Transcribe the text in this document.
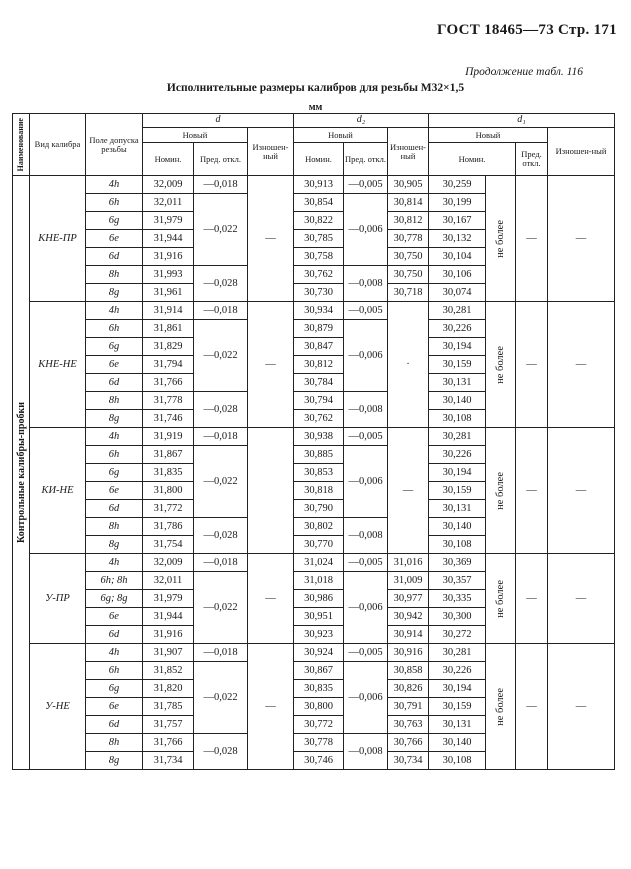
ГОСТ 18465—73 Стр. 171
Продолжение табл. 116
Исполнительные размеры калибров для резьбы М32×1,5
мм
Наименование	Вид калибра	Поле допуска резьбы	d			d₂			d₁			
			Новый		Изношен-ный	Новый		Изношен-ный	Новый			Изношен-ный
			Номин.	Пред. откл.		Номин.	Пред. откл.		Номин.		Пред. откл.	

Контрольные калибры-пробки	КНЕ-ПР	4h	32,009	—0,018	—	30,913	—0,005	30,905	30,259	не более	—	—
		6h	32,011	—0,022		30,854	—0,006	30,814	30,199			
		6g	31,979			30,822		30,812	30,167			
		6e	31,944			30,785		30,778	30,132			
		6d	31,916			30,758		30,750	30,104			
		8h	31,993	—0,028		30,762	—0,008	30,750	30,106			
		8g	31,961			30,730		30,718	30,074			
	КНЕ-НЕ	4h	31,914	—0,018	—	30,934	—0,005	·	30,281	не более	—	—
		6h	31,861	—0,022		30,879	—0,006		30,226			
		6g	31,829			30,847			30,194			
		6e	31,794			30,812			30,159			
		6d	31,766			30,784			30,131			
		8h	31,778	—0,028		30,794	—0,008		30,140			
		8g	31,746			30,762			30,108			
	КИ-НЕ	4h	31,919	—0,018		30,938	—0,005	—	30,281	не более	—	—
		6h	31,867	—0,022		30,885	—0,006		30,226			
		6g	31,835			30,853			30,194			
		6e	31,800			30,818			30,159			
		6d	31,772			30,790			30,131			
		8h	31,786	—0,028		30,802	—0,008		30,140			
		8g	31,754			30,770			30,108			
	У-ПР	4h	32,009	—0,018	—	31,024	—0,005	31,016	30,369	не более	—	—
		6h; 8h	32,011	—0,022		31,018	—0,006	31,009	30,357			
		6g; 8g	31,979			30,986		30,977	30,335			
		6e	31,944			30,951		30,942	30,300			
		6d	31,916			30,923		30,914	30,272			
	У-НЕ	4h	31,907	—0,018	—	30,924	—0,005	30,916	30,281	не более	—	—
		6h	31,852	—0,022		30,867	—0,006	30,858	30,226			
		6g	31,820			30,835		30,826	30,194			
		6e	31,785			30,800		30,791	30,159			
		6d	31,757			30,772		30,763	30,131			
		8h	31,766	—0,028		30,778	—0,008	30,766	30,140			
		8g	31,734			30,746		30,734	30,108			
